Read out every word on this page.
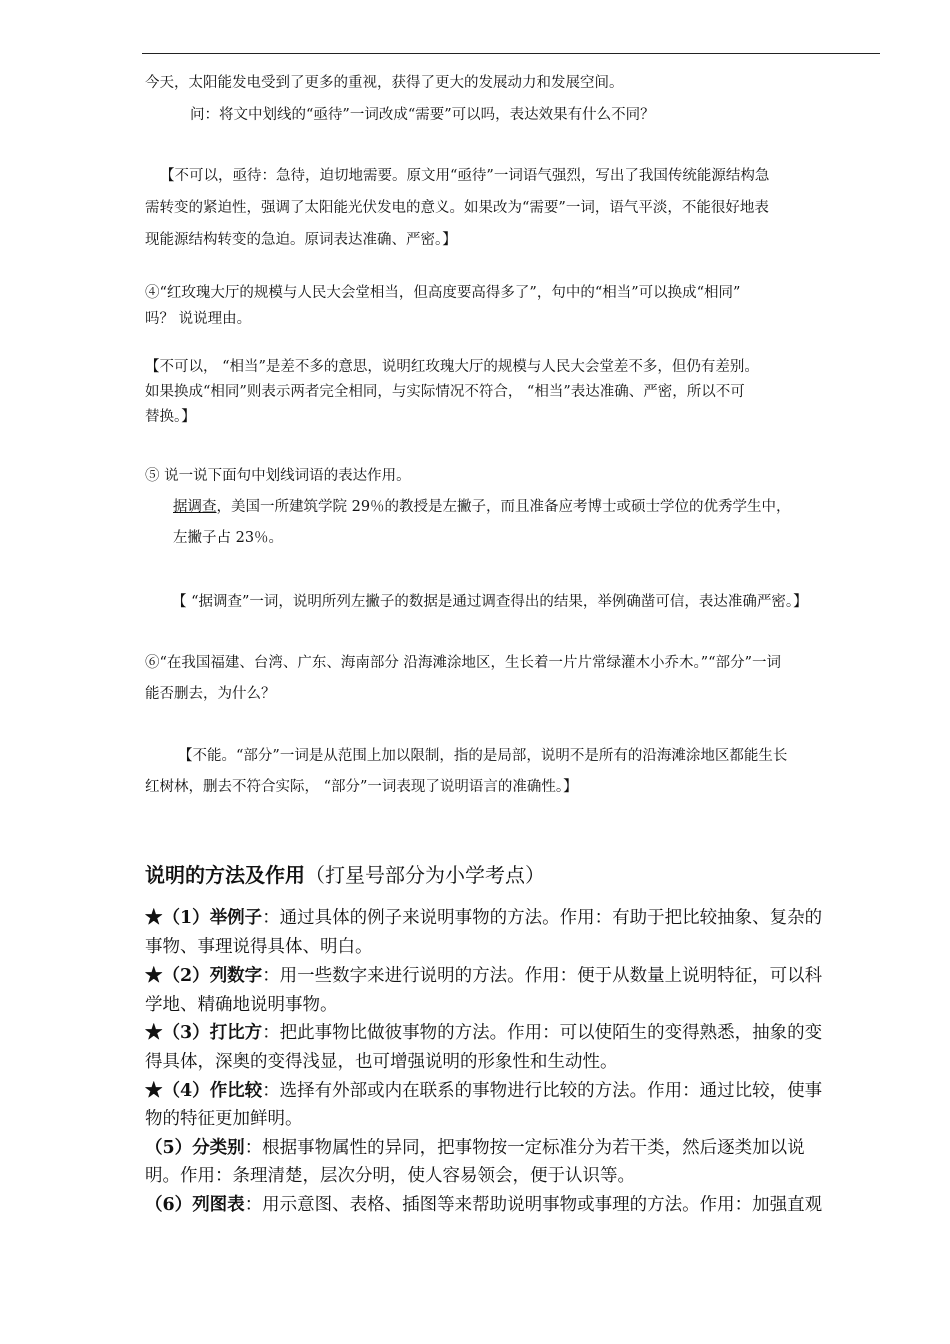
今天，太阳能发电受到了更多的重视，获得了更大的发展动力和发展空间。
问：将文中划线的“亟待”一词改成“需要”可以吗，表达效果有什么不同？
【不可以，亟待：急待，迫切地需要。原文用“亟待”一词语气强烈，写出了我国传统能源结构急
需转变的紧迫性，强调了太阳能光伏发电的意义。如果改为“需要”一词，语气平淡，不能很好地表
现能源结构转变的急迫。原词表达准确、严密。】
④“红玫瑰大厅的规模与人民大会堂相当，但高度要高得多了”，句中的“相当”可以换成“相同”
吗？ 说说理由。
【不可以， “相当”是差不多的意思，说明红玫瑰大厅的规模与人民大会堂差不多，但仍有差别。
如果换成“相同”则表示两者完全相同，与实际情况不符合， “相当”表达准确、严密，所以不可
替换。】
⑤ 说一说下面句中划线词语的表达作用。
据调查，美国一所建筑学院 29％的教授是左撇子，而且准备应考博士或硕士学位的优秀学生中，
左撇子占 23％。
【 “据调查”一词，说明所列左撇子的数据是通过调查得出的结果，举例确凿可信，表达准确严密。】
⑥“在我国福建、台湾、广东、海南部分 沿海滩涂地区，生长着一片片常绿灌木小乔木。”“部分”一词
能否删去，为什么？
【不能。“部分”一词是从范围上加以限制，指的是局部，说明不是所有的沿海滩涂地区都能生长
红树林，删去不符合实际， “部分”一词表现了说明语言的准确性。】
说明的方法及作用（打星号部分为小学考点）
★（1）举例子：通过具体的例子来说明事物的方法。作用：有助于把比较抽象、复杂的
事物、事理说得具体、明白。
★（2）列数字：用一些数字来进行说明的方法。作用：便于从数量上说明特征，可以科
学地、精确地说明事物。
★（3）打比方：把此事物比做彼事物的方法。作用：可以使陌生的变得熟悉，抽象的变
得具体，深奥的变得浅显，也可增强说明的形象性和生动性。
★（4）作比较：选择有外部或内在联系的事物进行比较的方法。作用：通过比较，使事
物的特征更加鲜明。
（5）分类别：根据事物属性的异同，把事物按一定标准分为若干类，然后逐类加以说
明。作用：条理清楚，层次分明，使人容易领会，便于认识等。
（6）列图表：用示意图、表格、插图等来帮助说明事物或事理的方法。作用：加强直观
